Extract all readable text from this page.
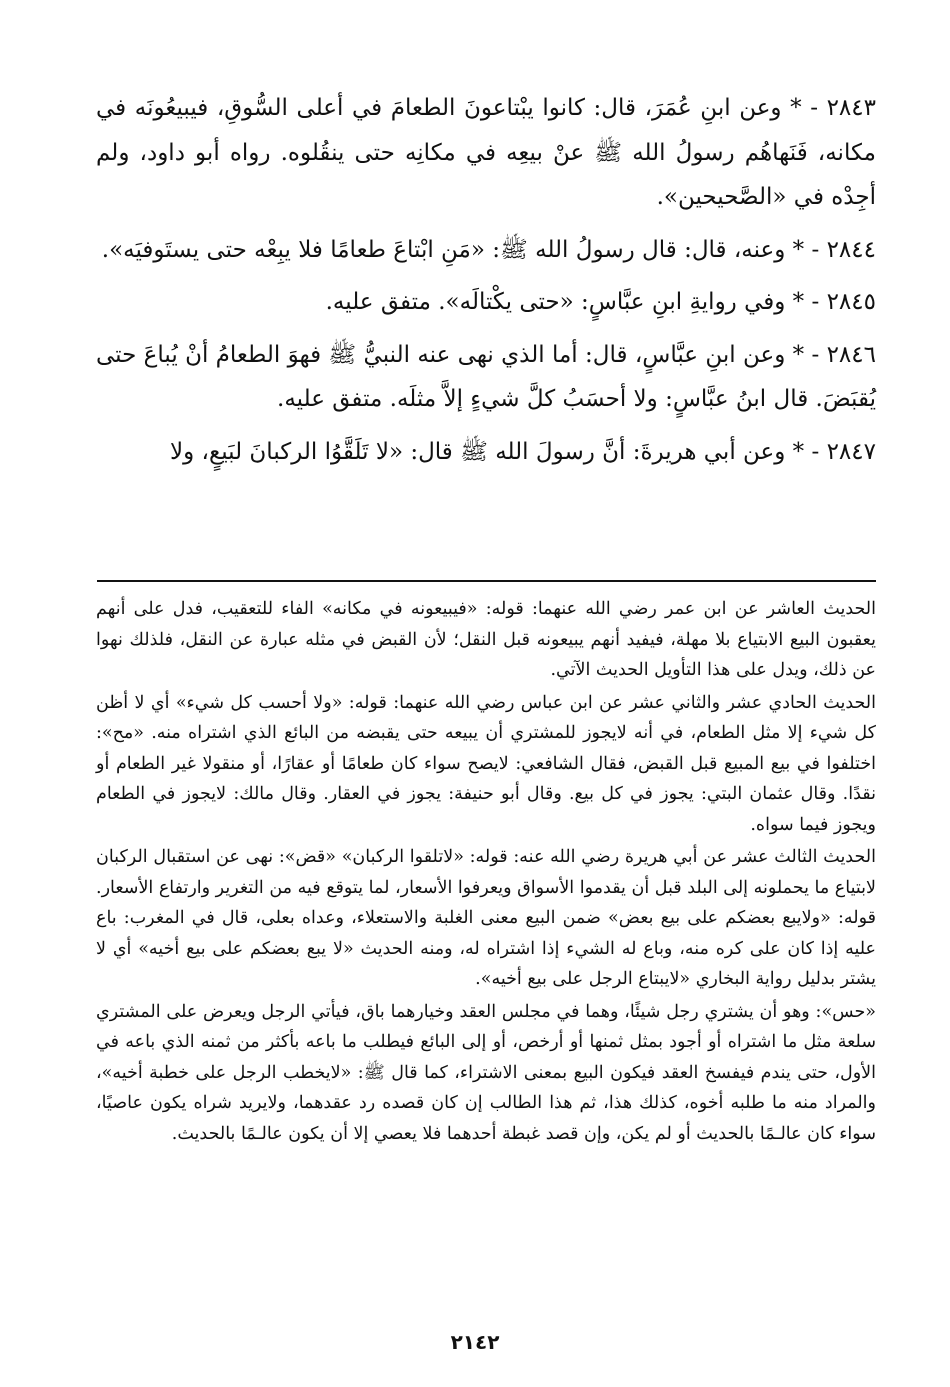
٢٨٤٣ - * وعن ابنِ عُمَرَ، قال: كانوا يبْتاعونَ الطعامَ في أعلى السُّوقِ، فيبيعُونَه في مكانه، فَنَهاهُم رسولُ الله ﷺ عنْ بيعِه في مكانِه حتى ينقُلوه. رواه أبو داود، ولم أجِدْه في «الصَّحيحين».

٢٨٤٤ - * وعنه، قال: قال رسولُ الله ﷺ: «مَنِ ابْتاعَ طعامًا فلا يبِعْه حتى يستَوفيَه».

٢٨٤٥ - * وفي روايةِ ابنِ عبَّاسٍ: «حتى يكْتالَه». متفق عليه.

٢٨٤٦ - * وعن ابنِ عبَّاسٍ، قال: أما الذي نهى عنه النبيُّ ﷺ فهوَ الطعامُ أنْ يُباعَ حتى يُقبَضَ. قال ابنُ عبَّاسٍ: ولا أحسَبُ كلَّ شيءٍ إلاَّ مثلَه. متفق عليه.

٢٨٤٧ - * وعن أبي هريرةَ: أنَّ رسولَ الله ﷺ قال: «لا تَلَقَّوُا الركبانَ لبَيعٍ، ولا

الحديث العاشر عن ابن عمر رضي الله عنهما: قوله: «فيبيعونه في مكانه» الفاء للتعقيب، فدل على أنهم يعقبون البيع الابتياع بلا مهلة، فيفيد أنهم يبيعونه قبل النقل؛ لأن القبض في مثله عبارة عن النقل، فلذلك نهوا عن ذلك، ويدل على هذا التأويل الحديث الآتي.

الحديث الحادي عشر والثاني عشر عن ابن عباس رضي الله عنهما: قوله: «ولا أحسب كل شيء» أي لا أظن كل شيء إلا مثل الطعام، في أنه لايجوز للمشتري أن يبيعه حتى يقبضه من البائع الذي اشتراه منه. «مح»: اختلفوا في بيع المبيع قبل القبض، فقال الشافعي: لايصح سواء كان طعامًا أو عقارًا، أو منقولا غير الطعام أو نقدًا. وقال عثمان البتي: يجوز في كل بيع. وقال أبو حنيفة: يجوز في العقار. وقال مالك: لايجوز في الطعام ويجوز فيما سواه.

الحديث الثالث عشر عن أبي هريرة رضي الله عنه: قوله: «لاتلقوا الركبان» «قض»: نهى عن استقبال الركبان لابتياع ما يحملونه إلى البلد قبل أن يقدموا الأسواق ويعرفوا الأسعار، لما يتوقع فيه من التغرير وارتفاع الأسعار. قوله: «ولايبع بعضكم على بيع بعض» ضمن البيع معنى الغلبة والاستعلاء، وعداه بعلى، قال في المغرب: باع عليه إذا كان على كره منه، وباع له الشيء إذا اشتراه له، ومنه الحديث «لا يبع بعضكم على بيع أخيه» أي لا يشتر بدليل رواية البخاري «لايبتاع الرجل على بيع أخيه».

«حس»: وهو أن يشتري رجل شيئًا، وهما في مجلس العقد وخيارهما باق، فيأتي الرجل ويعرض على المشتري سلعة مثل ما اشتراه أو أجود بمثل ثمنها أو أرخص، أو إلى البائع فيطلب ما باعه بأكثر من ثمنه الذي باعه في الأول، حتى يندم فيفسخ العقد فيكون البيع بمعنى الاشتراء، كما قال ﷺ: «لايخطب الرجل على خطبة أخيه»، والمراد منه ما طلبه أخوه، كذلك هذا، ثم هذا الطالب إن كان قصده رد عقدهما، ولايريد شراه يكون عاصيًا، سواء كان عالـمًا بالحديث أو لم يكن، وإن قصد غبطة أحدهما فلا يعصي إلا أن يكون عالـمًا بالحديث.

٢١٤٢
